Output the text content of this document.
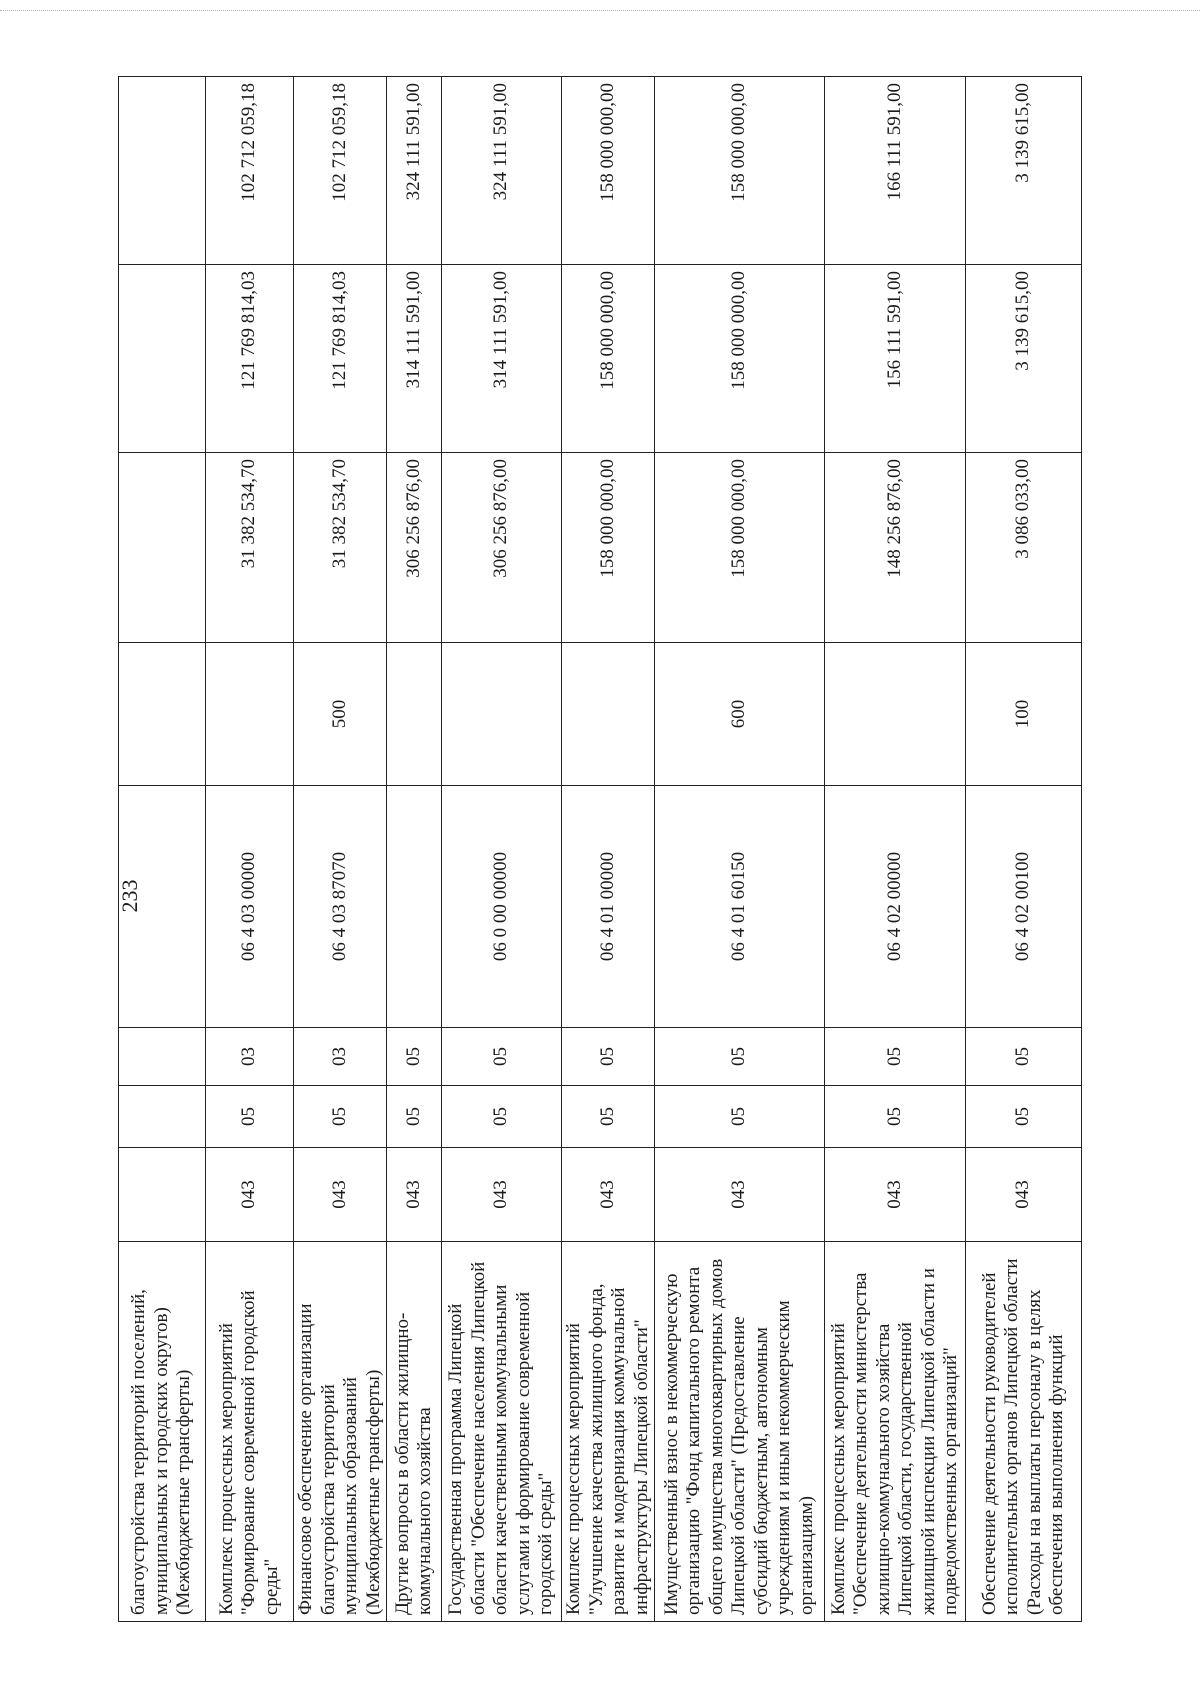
233
благоустройства территорий поселений, муниципальных и городских округов) (Межбюджетные трансферты)								
Комплекс процессных мероприятий "Формирование современной городской среды"	043	05	03	06 4 03 00000		31 382 534,70	121 769 814,03	102 712 059,18
Финансовое обеспечение организации благоустройства территорий муниципальных образований (Межбюджетные трансферты)	043	05	03	06 4 03 87070	500	31 382 534,70	121 769 814,03	102 712 059,18
Другие вопросы в области жилищно-коммунального хозяйства	043	05	05			306 256 876,00	314 111 591,00	324 111 591,00
Государственная программа Липецкой области "Обеспечение населения Липецкой области качественными коммунальными услугами и формирование современной городской среды"	043	05	05	06 0 00 00000		306 256 876,00	314 111 591,00	324 111 591,00
Комплекс процессных мероприятий "Улучшение качества жилищного фонда, развитие и модернизация коммунальной инфраструктуры Липецкой области"	043	05	05	06 4 01 00000		158 000 000,00	158 000 000,00	158 000 000,00
Имущественный взнос в некоммерческую организацию "Фонд капитального ремонта общего имущества многоквартирных домов Липецкой области" (Предоставление субсидий бюджетным, автономным учреждениям и иным некоммерческим организациям)	043	05	05	06 4 01 60150	600	158 000 000,00	158 000 000,00	158 000 000,00
Комплекс процессных мероприятий "Обеспечение деятельности министерства жилищно-коммунального хозяйства Липецкой области, государственной жилищной инспекции Липецкой области и подведомственных организаций"	043	05	05	06 4 02 00000		148 256 876,00	156 111 591,00	166 111 591,00
Обеспечение деятельности руководителей исполнительных органов Липецкой области (Расходы на выплаты персоналу в целях обеспечения выполнения функций	043	05	05	06 4 02 00100	100	3 086 033,00	3 139 615,00	3 139 615,00
